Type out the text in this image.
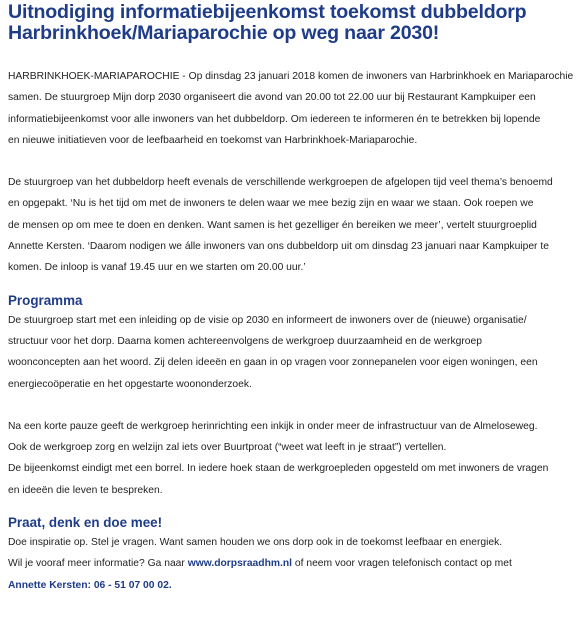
Uitnodiging informatiebijeenkomst toekomst dubbeldorp
Harbrinkhoek/Mariaparochie op weg naar 2030!

HARBRINKHOEK-MARIAPAROCHIE - Op dinsdag 23 januari 2018 komen de inwoners van Harbrinkhoek en Mariaparochie
samen. De stuurgroep Mijn dorp 2030 organiseert die avond van 20.00 tot 22.00 uur bij Restaurant Kampkuiper een
informatiebijeenkomst voor alle inwoners van het dubbeldorp. Om iedereen te informeren én te betrekken bij lopende
en nieuwe initiatieven voor de leefbaarheid en toekomst van Harbrinkhoek-Mariaparochie.

De stuurgroep van het dubbeldorp heeft evenals de verschillende werkgroepen de afgelopen tijd veel thema’s benoemd
en opgepakt. ‘Nu is het tijd om met de inwoners te delen waar we mee bezig zijn en waar we staan. Ook roepen we
de mensen op om mee te doen en denken. Want samen is het gezelliger én bereiken we meer’, vertelt stuurgroeplid
Annette Kersten. ‘Daarom nodigen we álle inwoners van ons dubbeldorp uit om dinsdag 23 januari naar Kampkuiper te
komen. De inloop is vanaf 19.45 uur en we starten om 20.00 uur.’

Programma

De stuurgroep start met een inleiding op de visie op 2030 en informeert de inwoners over de (nieuwe) organisatie/
structuur voor het dorp. Daarna komen achtereenvolgens de werkgroep duurzaamheid en de werkgroep
woonconcepten aan het woord. Zij delen ideeën en gaan in op vragen voor zonnepanelen voor eigen woningen, een
energiecoöperatie en het opgestarte woononderzoek.

Na een korte pauze geeft de werkgroep herinrichting een inkijk in onder meer de infrastructuur van de Almeloseweg.
Ook de werkgroep zorg en welzijn zal iets over Buurtproat (“weet wat leeft in je straat”) vertellen.
De bijeenkomst eindigt met een borrel. In iedere hoek staan de werkgroepleden opgesteld om met inwoners de vragen
en ideeën die leven te bespreken.

Praat, denk en doe mee!

Doe inspiratie op. Stel je vragen. Want samen houden we ons dorp ook in de toekomst leefbaar en energiek.
Wil je vooraf meer informatie? Ga naar www.dorpsraadhm.nl of neem voor vragen telefonisch contact op met
Annette Kersten: 06 - 51 07 00 02.
